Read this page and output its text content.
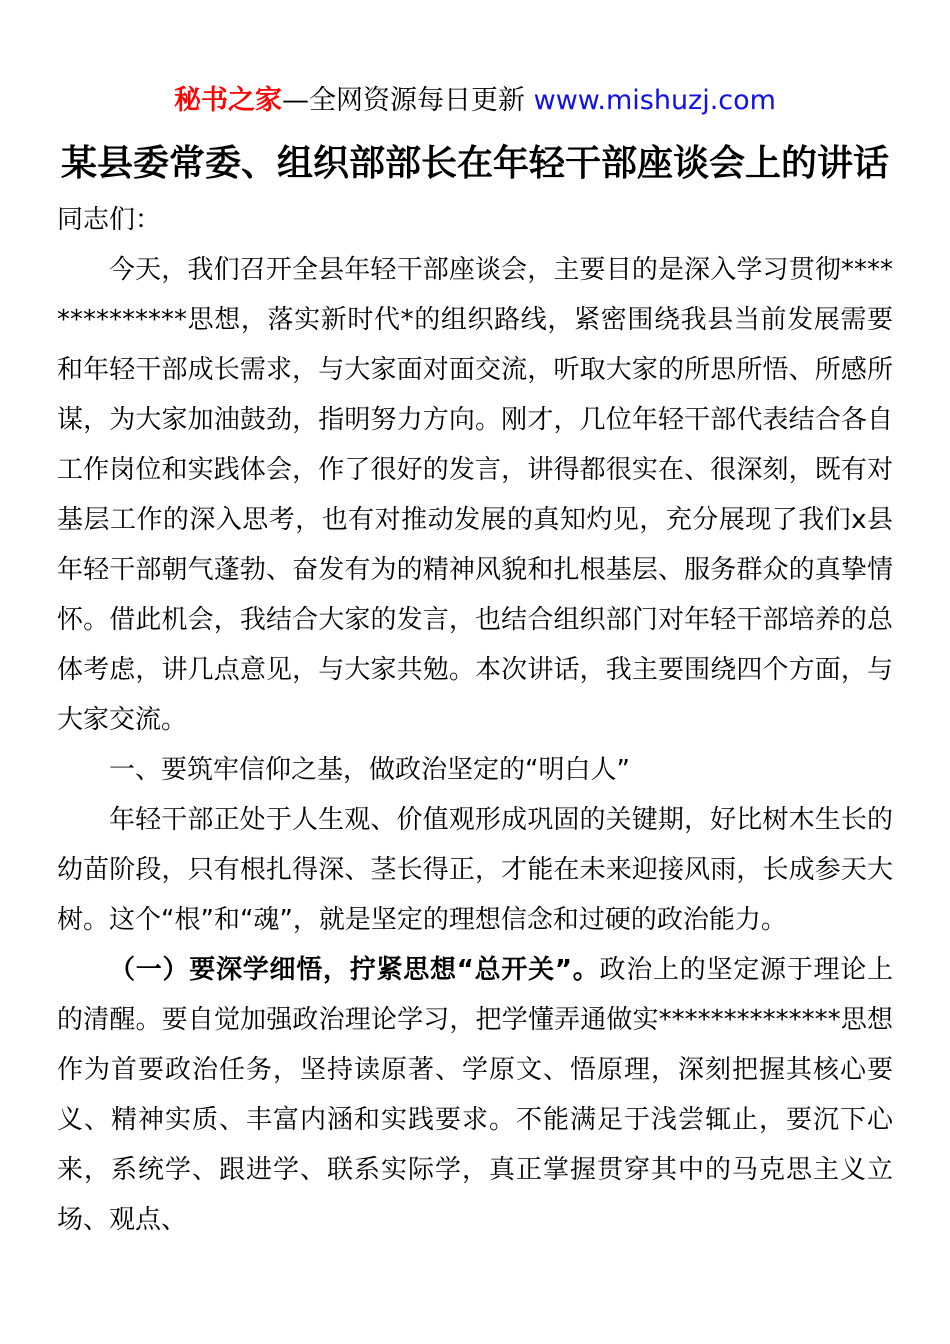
秘书之家—全网资源每日更新 www.mishuzj.com
某县委常委、组织部部长在年轻干部座谈会上的讲话

同志们：

今天，我们召开全县年轻干部座谈会，主要目的是深入学习贯彻**************思想，落实新时代*的组织路线，紧密围绕我县当前发展需要和年轻干部成长需求，与大家面对面交流，听取大家的所思所悟、所感所谋，为大家加油鼓劲，指明努力方向。刚才，几位年轻干部代表结合各自工作岗位和实践体会，作了很好的发言，讲得都很实在、很深刻，既有对基层工作的深入思考，也有对推动发展的真知灼见，充分展现了我们x县年轻干部朝气蓬勃、奋发有为的精神风貌和扎根基层、服务群众的真挚情怀。借此机会，我结合大家的发言，也结合组织部门对年轻干部培养的总体考虑，讲几点意见，与大家共勉。本次讲话，我主要围绕四个方面，与大家交流。

一、要筑牢信仰之基，做政治坚定的“明白人”

年轻干部正处于人生观、价值观形成巩固的关键期，好比树木生长的幼苗阶段，只有根扎得深、茎长得正，才能在未来迎接风雨，长成参天大树。这个“根”和“魂”，就是坚定的理想信念和过硬的政治能力。

（一）要深学细悟，拧紧思想“总开关”。政治上的坚定源于理论上的清醒。要自觉加强政治理论学习，把学懂弄通做实**************思想作为首要政治任务，坚持读原著、学原文、悟原理，深刻把握其核心要义、精神实质、丰富内涵和实践要求。不能满足于浅尝辄止，要沉下心来，系统学、跟进学、联系实际学，真正掌握贯穿其中的马克思主义立场、观点、
